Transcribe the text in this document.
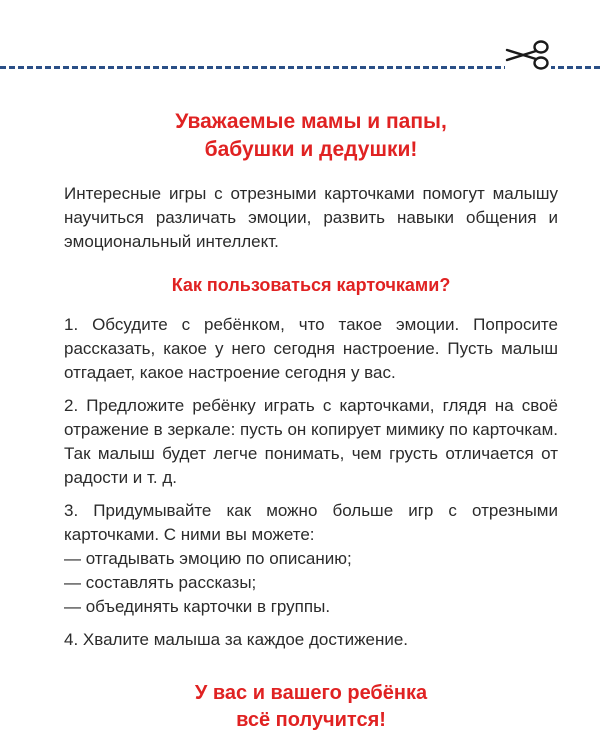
Уважаемые мамы и папы,
бабушки и дедушки!

Интересные игры с отрезными карточками помогут малышу научиться различать эмоции, развить навыки общения и эмоциональный интеллект.

Как пользоваться карточками?

1. Обсудите с ребёнком, что такое эмоции. Попросите рассказать, какое у него сегодня настроение. Пусть малыш отгадает, какое настроение сегодня у вас.

2. Предложите ребёнку играть с карточками, глядя на своё отражение в зеркале: пусть он копирует мимику по карточкам. Так малыш будет легче понимать, чем грусть отличается от радости и т. д.

3. Придумывайте как можно больше игр с отрезными карточками. С ними вы можете:

— отгадывать эмоцию по описанию;

— составлять рассказы;

— объединять карточки в группы.

4. Хвалите малыша за каждое достижение.

У вас и вашего ребёнка
всё получится!
